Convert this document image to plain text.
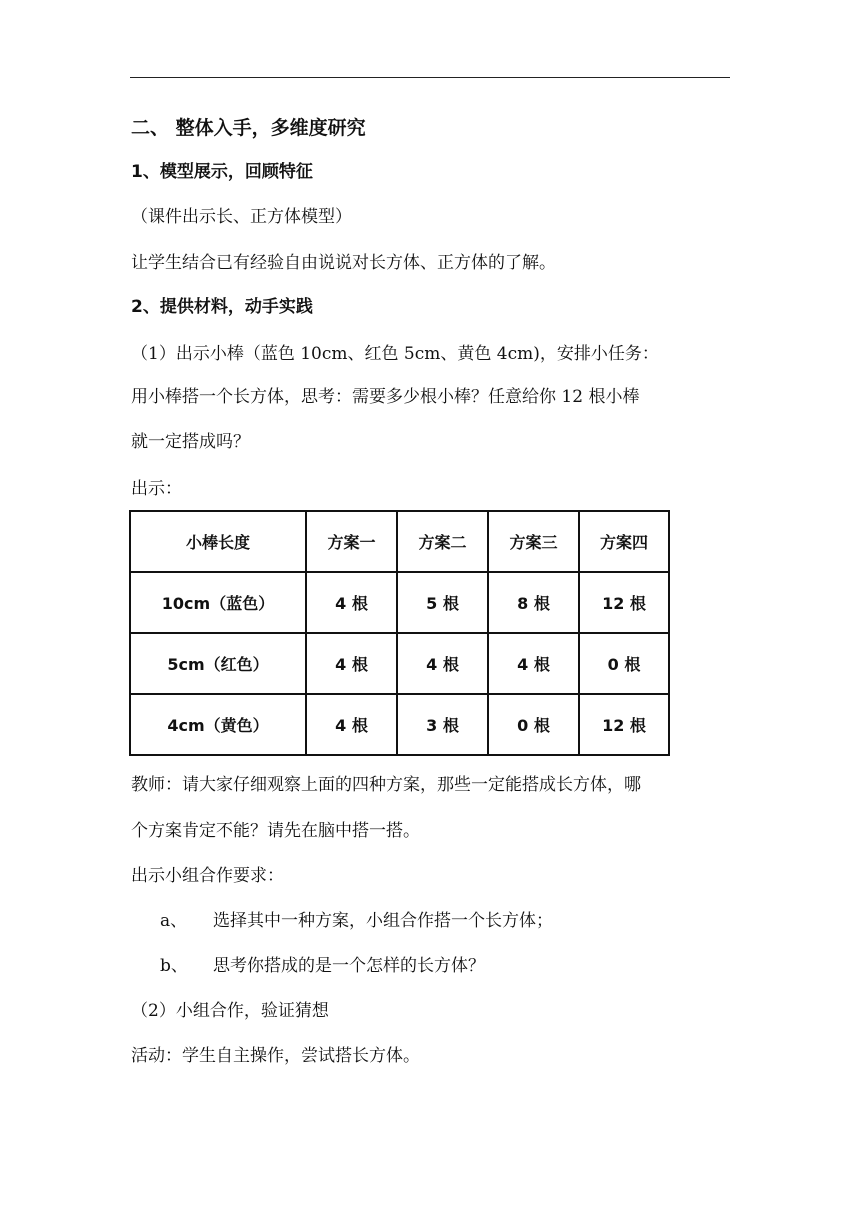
二、 整体入手，多维度研究
1、模型展示，回顾特征
（课件出示长、正方体模型）
让学生结合已有经验自由说说对长方体、正方体的了解。
2、提供材料，动手实践
（1）出示小棒（蓝色 10cm、红色 5cm、黄色 4cm)，安排小任务：
用小棒搭一个长方体，思考：需要多少根小棒？任意给你 12 根小棒
就一定搭成吗？
出示：
小棒长度	方案一	方案二	方案三	方案四
10cm（蓝色）	4 根	5 根	8 根	12 根
5cm（红色）	4 根	4 根	4 根	0 根
4cm（黄色）	4 根	3 根	0 根	12 根
教师：请大家仔细观察上面的四种方案，那些一定能搭成长方体，哪
个方案肯定不能？请先在脑中搭一搭。
出示小组合作要求：
a、 选择其中一种方案，小组合作搭一个长方体；
b、 思考你搭成的是一个怎样的长方体？
（2）小组合作，验证猜想
活动：学生自主操作，尝试搭长方体。
